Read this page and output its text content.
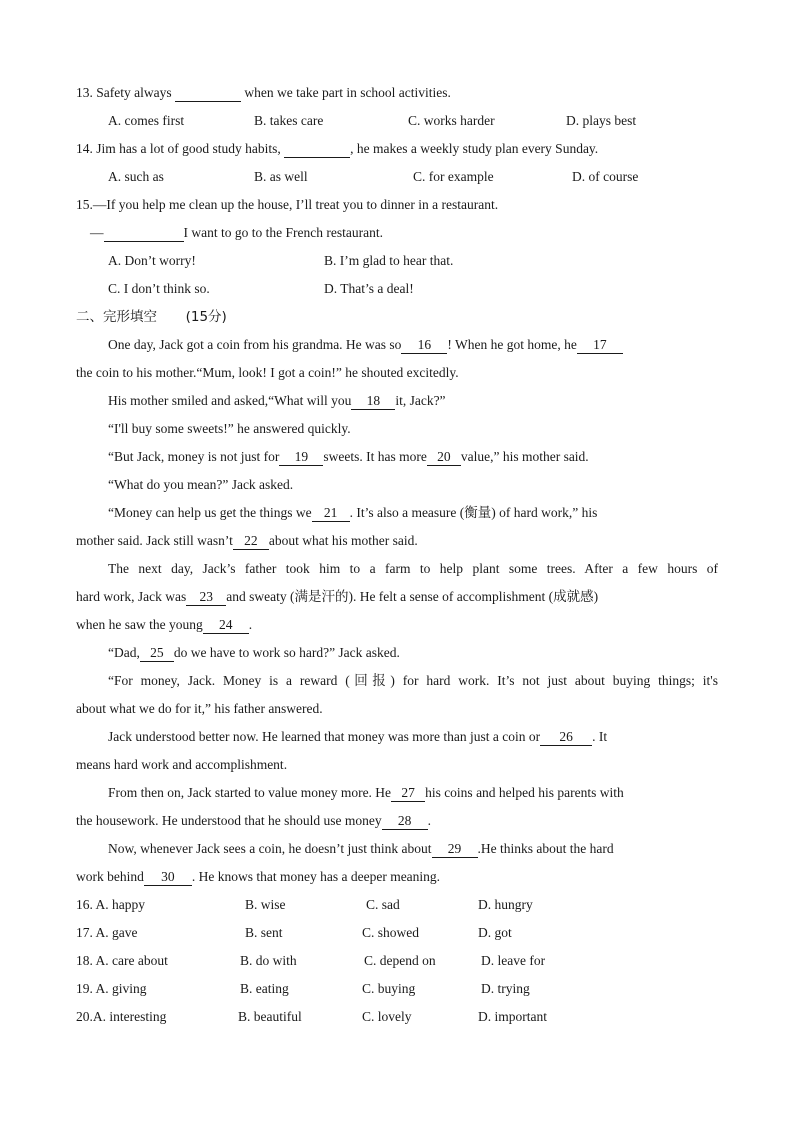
13. Safety always	when we take part in school activities.
A. comes first	B. takes care	C. works harder	D. plays best
14. Jim has a lot of good study habits,	, he makes a weekly study plan every Sunday.
A. such as	B. as well	C. for example	D. of course
15.—If you help me clean up the house, I’ll treat you to dinner in a restaurant.
—	I want to go to the French restaurant.
A. Don’t worry!	B. I’m glad to hear that.
C. I don’t think so.	D. That’s a deal!
二、完形填空 (15分)
One day, Jack got a coin from his grandma. He was so 16 ! When he got home, he 17
the coin to his mother.“Mum, look! I got a coin!” he shouted excitedly.
His mother smiled and asked,“What will you 18 it, Jack?”
“I'll buy some sweets!” he answered quickly.
“But Jack, money is not just for 19 sweets. It has more 20 value,” his mother said.
“What do you mean?” Jack asked.
“Money can help us get the things we 21 . It’s also a measure (衡量) of hard work,” his
mother said. Jack still wasn’t 22 about what his mother said.
The next day, Jack’s father took him to a farm to help plant some trees. After a few hours of
hard work, Jack was 23 and sweaty (满是汗的). He felt a sense of accomplishment (成就感)
when he saw the young 24 .
“Dad, 25 do we have to work so hard?” Jack asked.
“For money, Jack. Money is a reward (回报) for hard work. It’s not just about buying things; it's
about what we do for it,” his father answered.
Jack understood better now. He learned that money was more than just a coin or 26 . It
means hard work and accomplishment.
From then on, Jack started to value money more. He 27 his coins and helped his parents with
the housework. He understood that he should use money 28 .
Now, whenever Jack sees a coin, he doesn’t just think about 29 .He thinks about the hard
work behind 30 . He knows that money has a deeper meaning.
16. A. happy	B. wise	C. sad	D. hungry
17. A. gave	B. sent	C. showed	D. got
18. A. care about	B. do with	C. depend on	D. leave for
19. A. giving	B. eating	C. buying	D. trying
20.A. interesting	B. beautiful	C. lovely	D. important
